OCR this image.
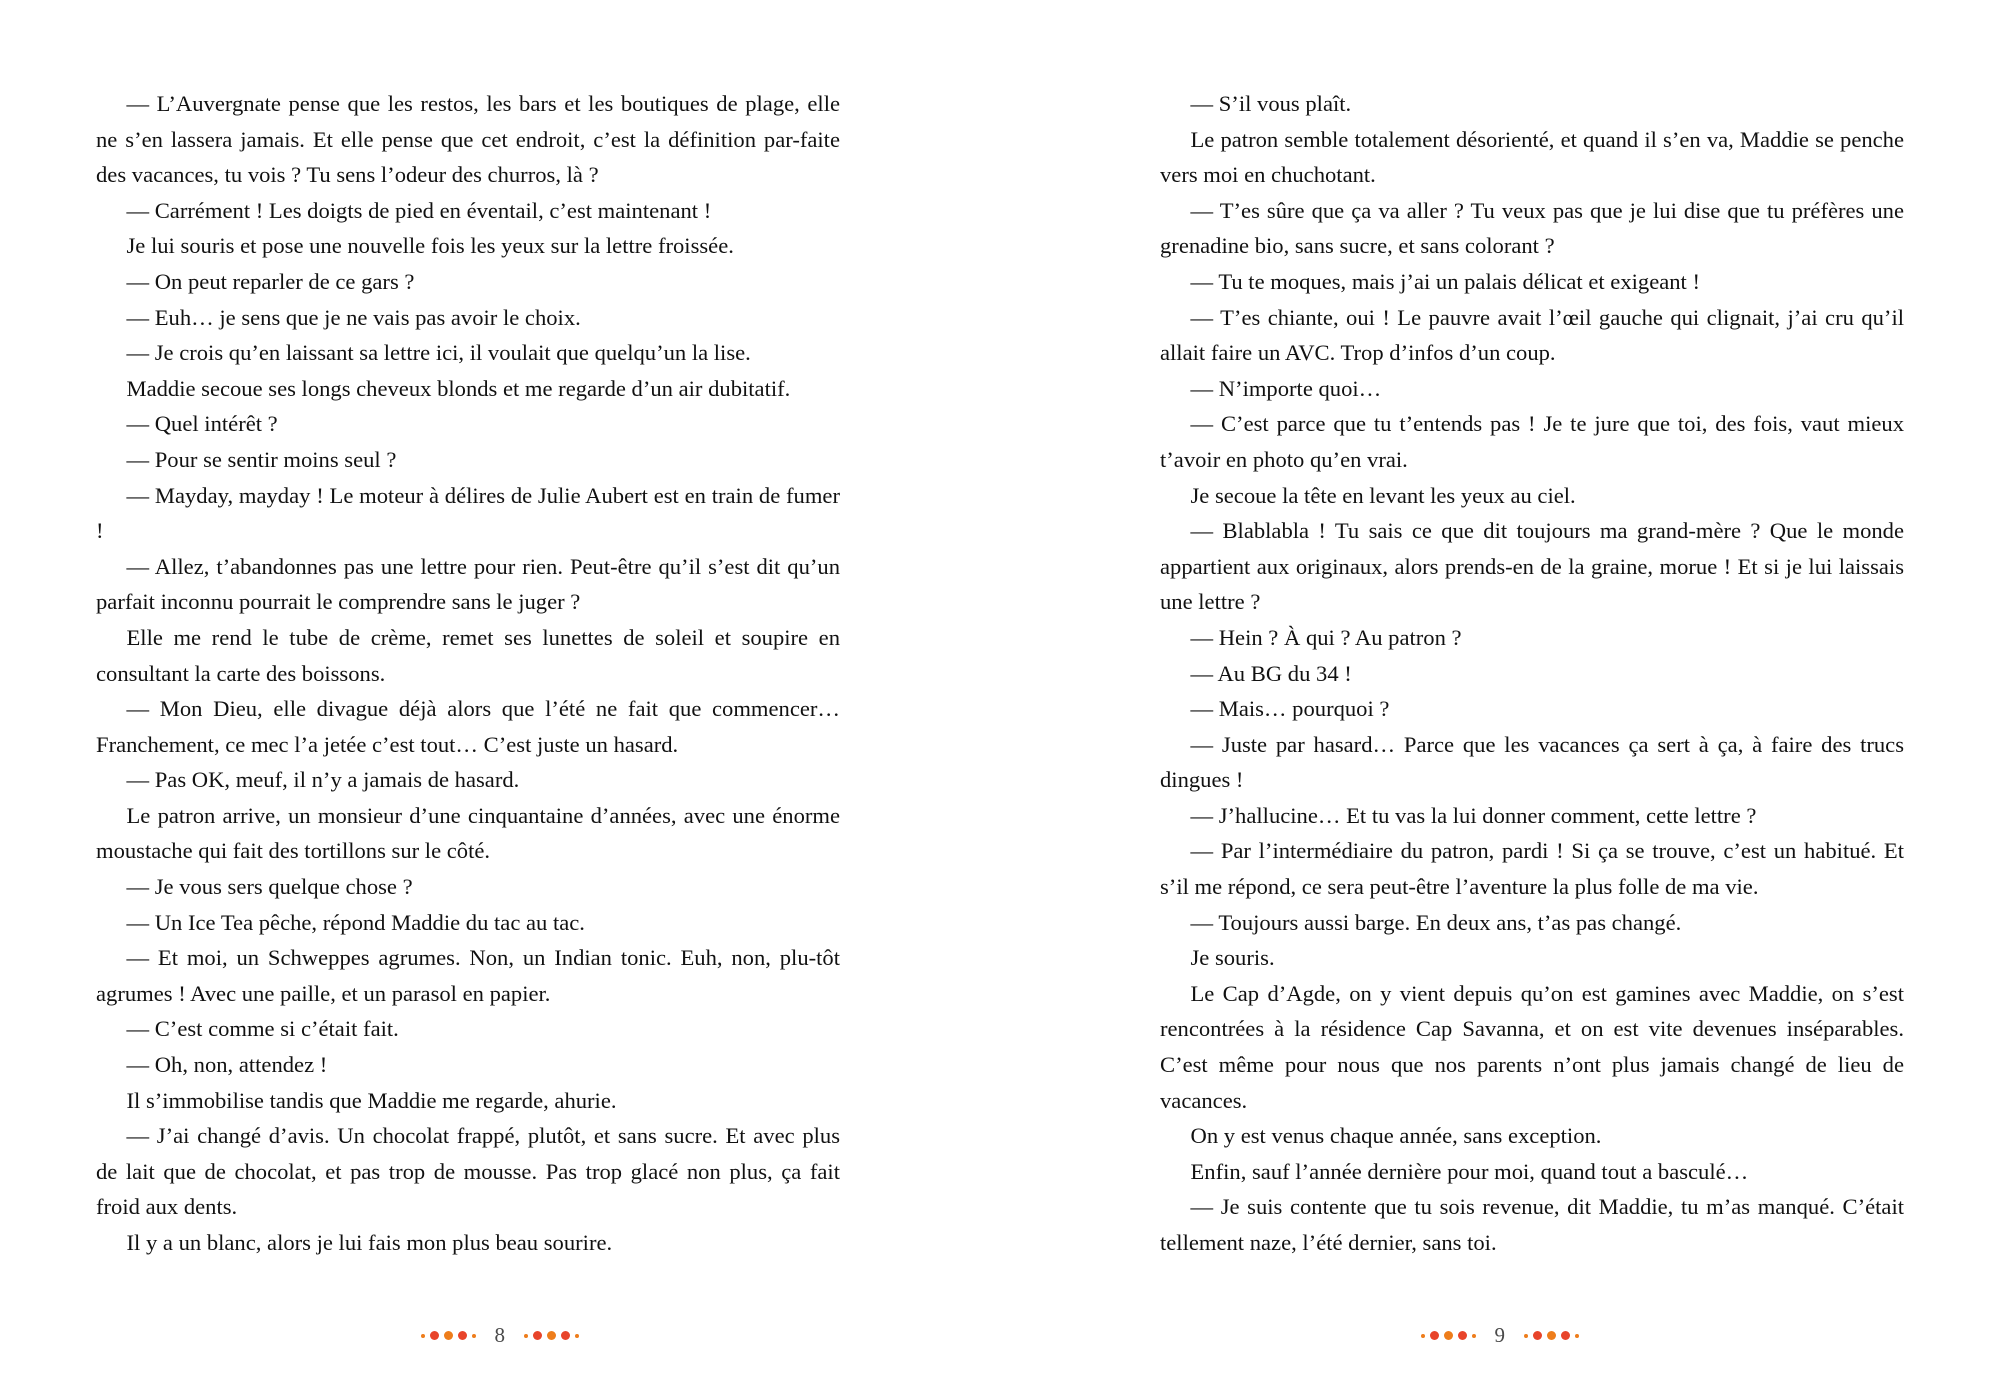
— L’Auvergnate pense que les restos, les bars et les boutiques de plage, elle ne s’en lassera jamais. Et elle pense que cet endroit, c’est la définition par-faite des vacances, tu vois ? Tu sens l’odeur des churros, là ?

— Carrément ! Les doigts de pied en éventail, c’est maintenant !

Je lui souris et pose une nouvelle fois les yeux sur la lettre froissée.

— On peut reparler de ce gars ?

— Euh… je sens que je ne vais pas avoir le choix.

— Je crois qu’en laissant sa lettre ici, il voulait que quelqu’un la lise.

Maddie secoue ses longs cheveux blonds et me regarde d’un air dubitatif.

— Quel intérêt ?

— Pour se sentir moins seul ?

— Mayday, mayday ! Le moteur à délires de Julie Aubert est en train de fumer !

— Allez, t’abandonnes pas une lettre pour rien. Peut-être qu’il s’est dit qu’un parfait inconnu pourrait le comprendre sans le juger ?

Elle me rend le tube de crème, remet ses lunettes de soleil et soupire en consultant la carte des boissons.

— Mon Dieu, elle divague déjà alors que l’été ne fait que commencer… Franchement, ce mec l’a jetée c’est tout… C’est juste un hasard.

— Pas OK, meuf, il n’y a jamais de hasard.

Le patron arrive, un monsieur d’une cinquantaine d’années, avec une énorme moustache qui fait des tortillons sur le côté.

— Je vous sers quelque chose ?

— Un Ice Tea pêche, répond Maddie du tac au tac.

— Et moi, un Schweppes agrumes. Non, un Indian tonic. Euh, non, plu-tôt agrumes ! Avec une paille, et un parasol en papier.

— C’est comme si c’était fait.

— Oh, non, attendez !

Il s’immobilise tandis que Maddie me regarde, ahurie.

— J’ai changé d’avis. Un chocolat frappé, plutôt, et sans sucre. Et avec plus de lait que de chocolat, et pas trop de mousse. Pas trop glacé non plus, ça fait froid aux dents.

Il y a un blanc, alors je lui fais mon plus beau sourire.

8

— S’il vous plaît.

Le patron semble totalement désorienté, et quand il s’en va, Maddie se penche vers moi en chuchotant.

— T’es sûre que ça va aller ? Tu veux pas que je lui dise que tu préfères une grenadine bio, sans sucre, et sans colorant ?

— Tu te moques, mais j’ai un palais délicat et exigeant !

— T’es chiante, oui ! Le pauvre avait l’œil gauche qui clignait, j’ai cru qu’il allait faire un AVC. Trop d’infos d’un coup.

— N’importe quoi…

— C’est parce que tu t’entends pas ! Je te jure que toi, des fois, vaut mieux t’avoir en photo qu’en vrai.

Je secoue la tête en levant les yeux au ciel.

— Blablabla ! Tu sais ce que dit toujours ma grand-mère ? Que le monde appartient aux originaux, alors prends-en de la graine, morue ! Et si je lui laissais une lettre ?

— Hein ? À qui ? Au patron ?

— Au BG du 34 !

— Mais… pourquoi ?

— Juste par hasard… Parce que les vacances ça sert à ça, à faire des trucs dingues !

— J’hallucine… Et tu vas la lui donner comment, cette lettre ?

— Par l’intermédiaire du patron, pardi ! Si ça se trouve, c’est un habitué. Et s’il me répond, ce sera peut-être l’aventure la plus folle de ma vie.

— Toujours aussi barge. En deux ans, t’as pas changé.

Je souris.

Le Cap d’Agde, on y vient depuis qu’on est gamines avec Maddie, on s’est rencontrées à la résidence Cap Savanna, et on est vite devenues inséparables. C’est même pour nous que nos parents n’ont plus jamais changé de lieu de vacances.

On y est venus chaque année, sans exception.

Enfin, sauf l’année dernière pour moi, quand tout a basculé…

— Je suis contente que tu sois revenue, dit Maddie, tu m’as manqué. C’était tellement naze, l’été dernier, sans toi.

9
